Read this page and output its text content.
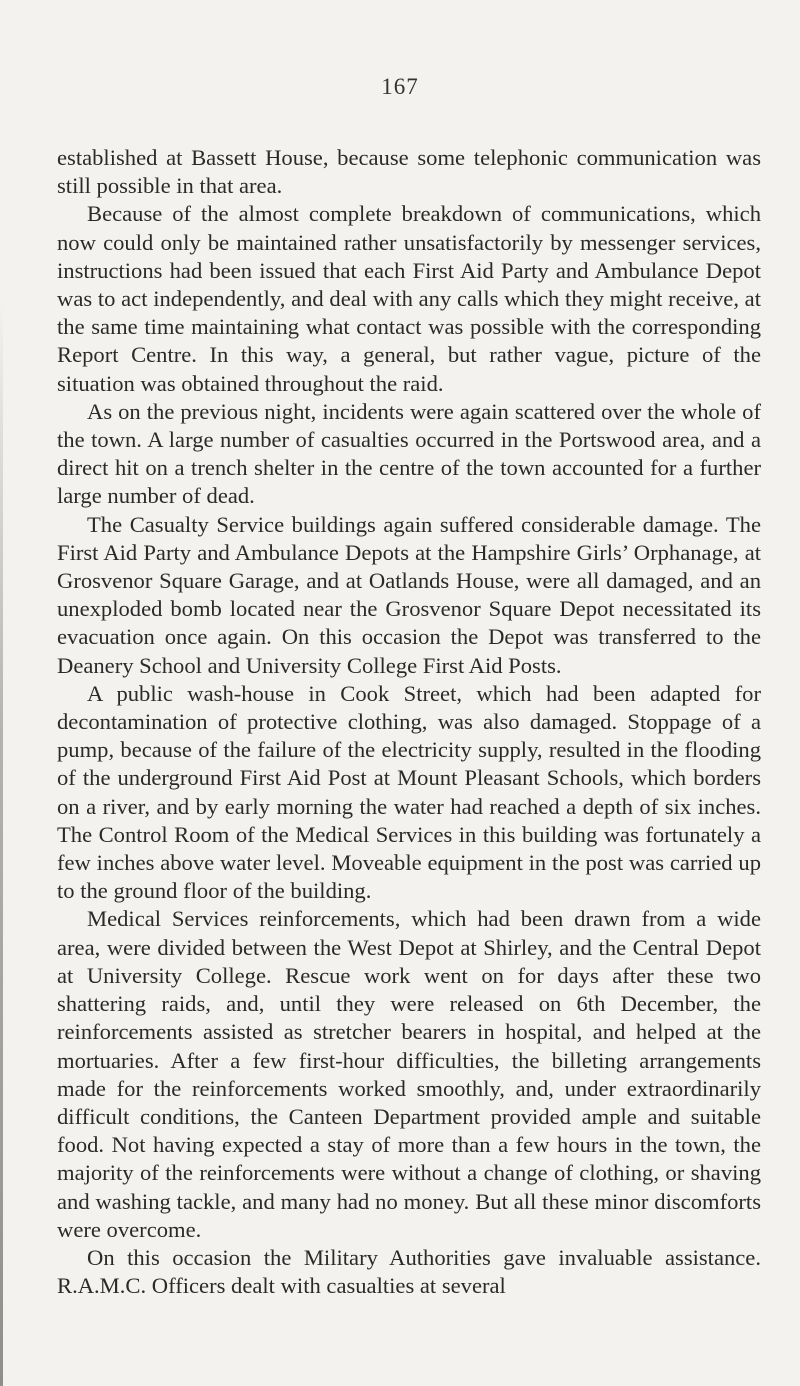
167

established at Bassett House, because some telephonic communication was still possible in that area.

Because of the almost complete breakdown of communications, which now could only be maintained rather unsatisfactorily by messenger services, instructions had been issued that each First Aid Party and Ambulance Depot was to act independently, and deal with any calls which they might receive, at the same time maintaining what contact was possible with the corresponding Report Centre. In this way, a general, but rather vague, picture of the situation was obtained throughout the raid.

As on the previous night, incidents were again scattered over the whole of the town. A large number of casualties occurred in the Portswood area, and a direct hit on a trench shelter in the centre of the town accounted for a further large number of dead.

The Casualty Service buildings again suffered considerable damage. The First Aid Party and Ambulance Depots at the Hampshire Girls’ Orphanage, at Grosvenor Square Garage, and at Oatlands House, were all damaged, and an unexploded bomb located near the Grosvenor Square Depot necessitated its evacuation once again. On this occasion the Depot was transferred to the Deanery School and University College First Aid Posts.

A public wash-house in Cook Street, which had been adapted for decontamination of protective clothing, was also damaged. Stoppage of a pump, because of the failure of the electricity supply, resulted in the flooding of the underground First Aid Post at Mount Pleasant Schools, which borders on a river, and by early morning the water had reached a depth of six inches. The Control Room of the Medical Services in this building was fortunately a few inches above water level. Moveable equipment in the post was carried up to the ground floor of the building.

Medical Services reinforcements, which had been drawn from a wide area, were divided between the West Depot at Shirley, and the Central Depot at University College. Rescue work went on for days after these two shattering raids, and, until they were released on 6th December, the reinforcements assisted as stretcher bearers in hospital, and helped at the mortuaries. After a few first-hour difficulties, the billeting arrangements made for the reinforcements worked smoothly, and, under extraordinarily difficult conditions, the Canteen Department provided ample and suitable food. Not having expected a stay of more than a few hours in the town, the majority of the reinforcements were without a change of clothing, or shaving and washing tackle, and many had no money. But all these minor discomforts were overcome.

On this occasion the Military Authorities gave invaluable assistance. R.A.M.C. Officers dealt with casualties at several
